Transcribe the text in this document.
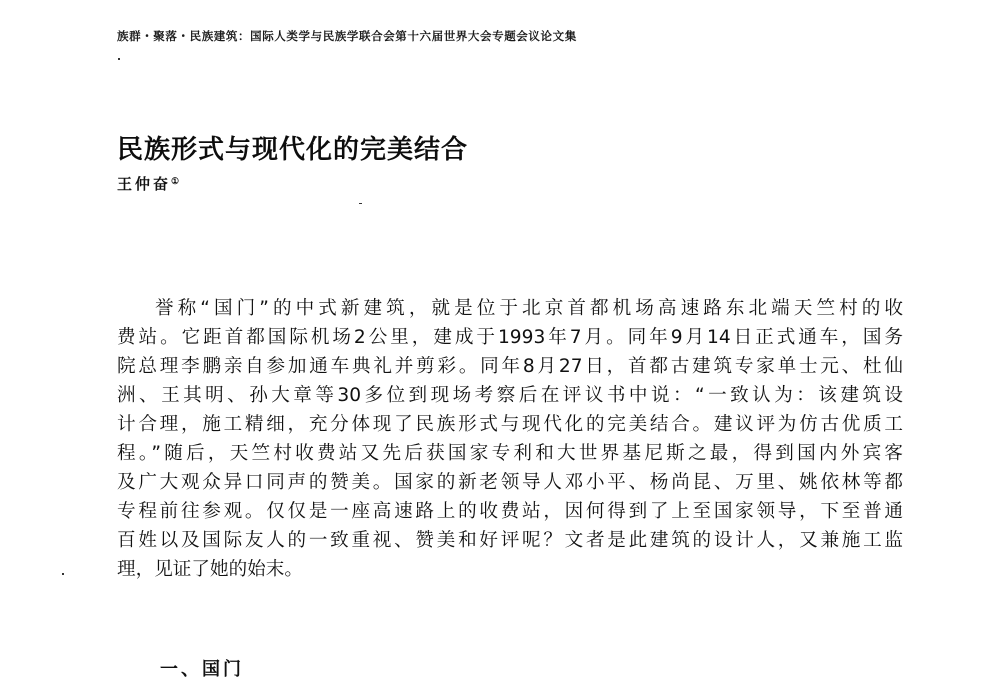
族群・聚落・民族建筑：国际人类学与民族学联合会第十六届世界大会专题会议论文集
民族形式与现代化的完美结合
王仲奋①
誉称“国门”的中式新建筑，就是位于北京首都机场高速路东北端天竺村的收
费站。它距首都国际机场2公里，建成于1993年7月。同年9月14日正式通车，国务
院总理李鹏亲自参加通车典礼并剪彩。同年8月27日，首都古建筑专家单士元、杜仙
洲、王其明、孙大章等30多位到现场考察后在评议书中说：“一致认为：该建筑设
计合理，施工精细，充分体现了民族形式与现代化的完美结合。建议评为仿古优质工
程。”随后，天竺村收费站又先后获国家专利和大世界基尼斯之最，得到国内外宾客
及广大观众异口同声的赞美。国家的新老领导人邓小平、杨尚昆、万里、姚依林等都
专程前往参观。仅仅是一座高速路上的收费站，因何得到了上至国家领导，下至普通
百姓以及国际友人的一致重视、赞美和好评呢？文者是此建筑的设计人，又兼施工监
理，见证了她的始末。
一、国门
